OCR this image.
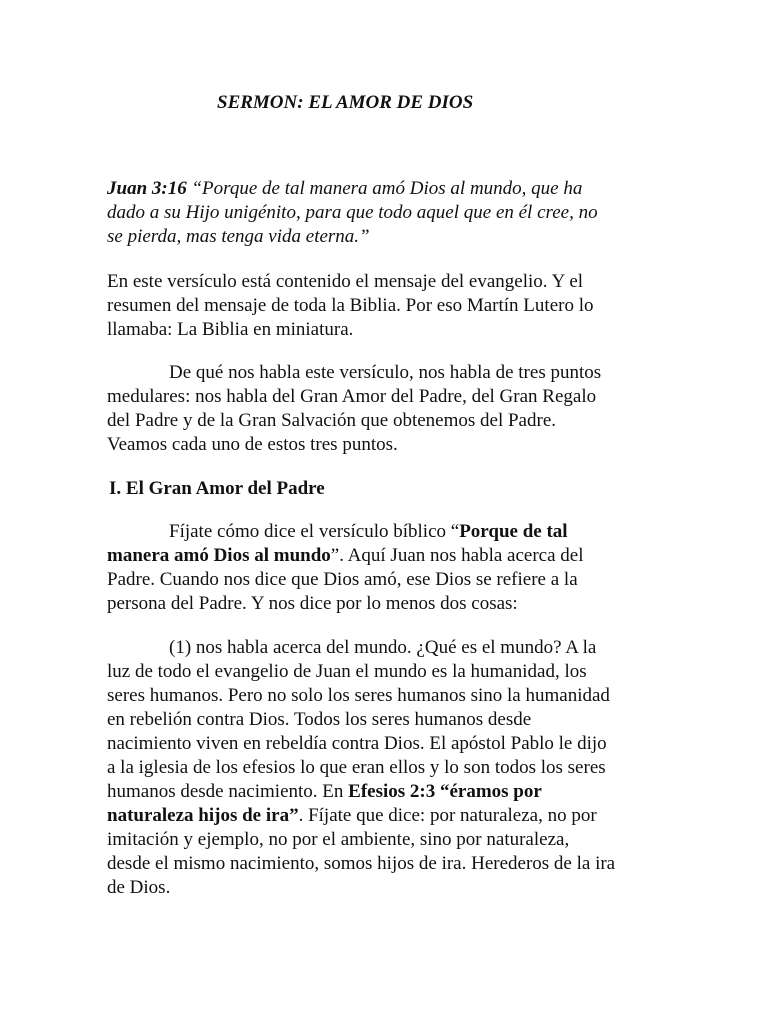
SERMON: EL AMOR DE DIOS
Juan 3:16 “Porque de tal manera amó Dios al mundo, que ha
dado a su Hijo unigénito, para que todo aquel que en él cree, no
se pierda, mas tenga vida eterna.”
En este versículo está contenido el mensaje del evangelio. Y el
resumen del mensaje de toda la Biblia. Por eso Martín Lutero lo
llamaba: La Biblia en miniatura.
De qué nos habla este versículo, nos habla de tres puntos
medulares: nos habla del Gran Amor del Padre, del Gran Regalo
del Padre y de la Gran Salvación que obtenemos del Padre.
Veamos cada uno de estos tres puntos.
I. El Gran Amor del Padre
Fíjate cómo dice el versículo bíblico “Porque de tal
manera amó Dios al mundo”. Aquí Juan nos habla acerca del
Padre. Cuando nos dice que Dios amó, ese Dios se refiere a la
persona del Padre. Y nos dice por lo menos dos cosas:
(1) nos habla acerca del mundo. ¿Qué es el mundo? A la
luz de todo el evangelio de Juan el mundo es la humanidad, los
seres humanos. Pero no solo los seres humanos sino la humanidad
en rebelión contra Dios. Todos los seres humanos desde
nacimiento viven en rebeldía contra Dios. El apóstol Pablo le dijo
a la iglesia de los efesios lo que eran ellos y lo son todos los seres
humanos desde nacimiento. En Efesios 2:3 “éramos por
naturaleza hijos de ira”. Fíjate que dice: por naturaleza, no por
imitación y ejemplo, no por el ambiente, sino por naturaleza,
desde el mismo nacimiento, somos hijos de ira. Herederos de la ira
de Dios.
